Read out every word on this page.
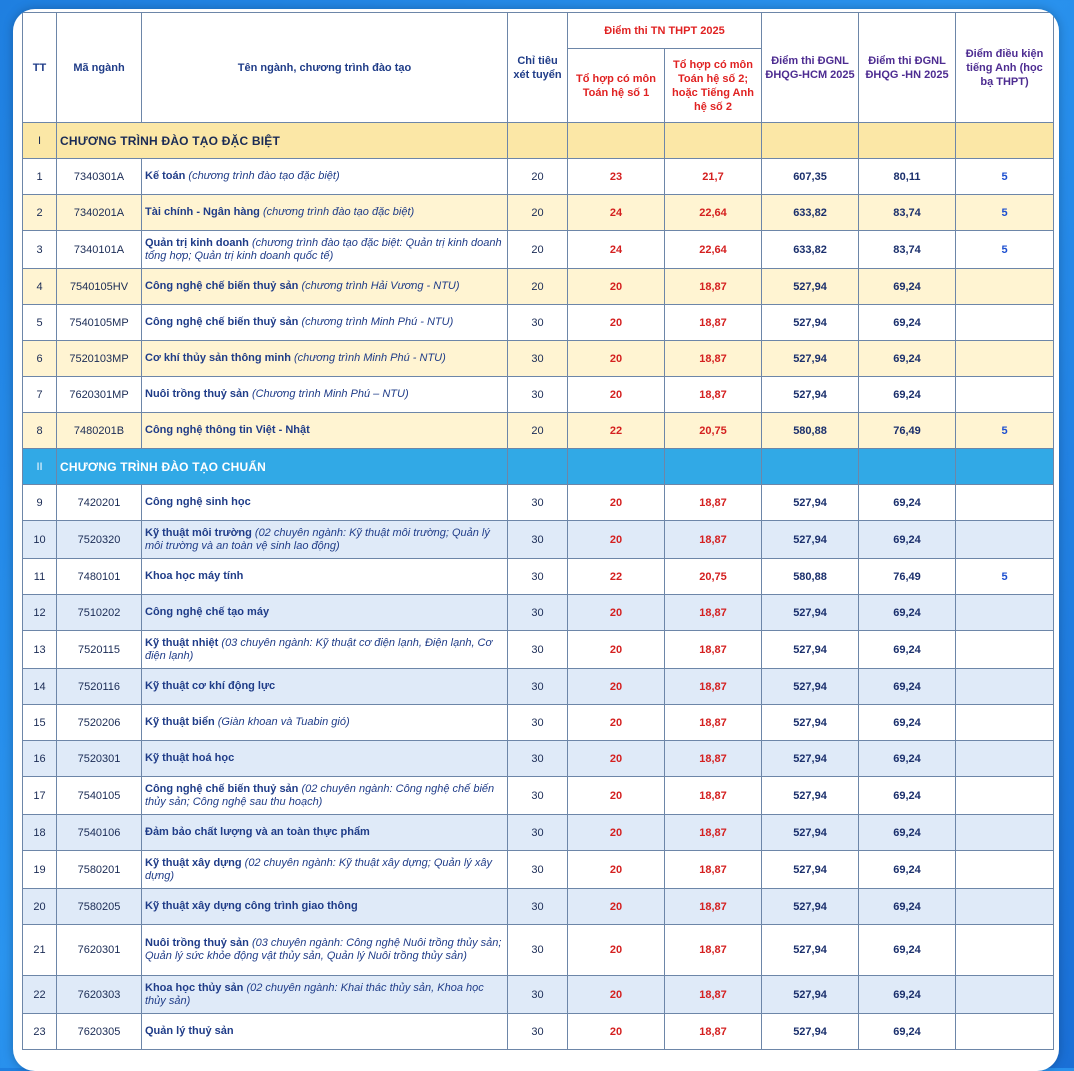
TT	Mã ngành	Tên ngành, chương trình đào tạo	Chỉ tiêu xét tuyển	Điểm thi TN THPT 2025		Điểm thi ĐGNL ĐHQG-HCM 2025	Điểm thi ĐGNL ĐHQG -HN 2025	Điểm điều kiện tiếng Anh (học bạ THPT)
				Tổ hợp có môn Toán hệ số 1	Tổ hợp có môn Toán hệ số 2; hoặc Tiếng Anh hệ số 2			
I	CHƯƠNG TRÌNH ĐÀO TẠO ĐẶC BIỆT							
1	7340301A	Kế toán (chương trình đào tạo đặc biệt)	20	23	21,7	607,35	80,11	5
2	7340201A	Tài chính - Ngân hàng (chương trình đào tạo đặc biệt)	20	24	22,64	633,82	83,74	5
3	7340101A	Quản trị kinh doanh (chương trình đào tạo đặc biệt: Quản trị kinh doanh tổng hợp; Quản trị kinh doanh quốc tế)	20	24	22,64	633,82	83,74	5
4	7540105HV	Công nghệ chế biến thuỷ sản (chương trình Hải Vương - NTU)	20	20	18,87	527,94	69,24	
5	7540105MP	Công nghệ chế biến thuỷ sản (chương trình Minh Phú - NTU)	30	20	18,87	527,94	69,24	
6	7520103MP	Cơ khí thủy sản thông minh (chương trình Minh Phú - NTU)	30	20	18,87	527,94	69,24	
7	7620301MP	Nuôi trồng thuỷ sản (Chương trình Minh Phú – NTU)	30	20	18,87	527,94	69,24	
8	7480201B	Công nghệ thông tin Việt - Nhật	20	22	20,75	580,88	76,49	5
II	CHƯƠNG TRÌNH ĐÀO TẠO CHUẨN							
9	7420201	Công nghệ sinh học	30	20	18,87	527,94	69,24	
10	7520320	Kỹ thuật môi trường (02 chuyên ngành: Kỹ thuật môi trường; Quản lý môi trường và an toàn vệ sinh lao động)	30	20	18,87	527,94	69,24	
11	7480101	Khoa học máy tính	30	22	20,75	580,88	76,49	5
12	7510202	Công nghệ chế tạo máy	30	20	18,87	527,94	69,24	
13	7520115	Kỹ thuật nhiệt (03 chuyên ngành: Kỹ thuật cơ điện lạnh, Điện lạnh, Cơ điện lạnh)	30	20	18,87	527,94	69,24	
14	7520116	Kỹ thuật cơ khí động lực	30	20	18,87	527,94	69,24	
15	7520206	Kỹ thuật biển (Giàn khoan và Tuabin gió)	30	20	18,87	527,94	69,24	
16	7520301	Kỹ thuật hoá học	30	20	18,87	527,94	69,24	
17	7540105	Công nghệ chế biến thuỷ sản (02 chuyên ngành: Công nghệ chế biến thủy sản; Công nghệ sau thu hoạch)	30	20	18,87	527,94	69,24	
18	7540106	Đảm bảo chất lượng và an toàn thực phẩm	30	20	18,87	527,94	69,24	
19	7580201	Kỹ thuật xây dựng (02 chuyên ngành: Kỹ thuật xây dựng; Quản lý xây dựng)	30	20	18,87	527,94	69,24	
20	7580205	Kỹ thuật xây dựng công trình giao thông	30	20	18,87	527,94	69,24	
21	7620301	Nuôi trồng thuỷ sản (03 chuyên ngành: Công nghệ Nuôi trồng thủy sản; Quản lý sức khỏe động vật thủy sản, Quản lý Nuôi trồng thủy sản)	30	20	18,87	527,94	69,24	
22	7620303	Khoa học thủy sản (02 chuyên ngành: Khai thác thủy sản, Khoa học thủy sản)	30	20	18,87	527,94	69,24	
23	7620305	Quản lý thuỷ sản	30	20	18,87	527,94	69,24	
